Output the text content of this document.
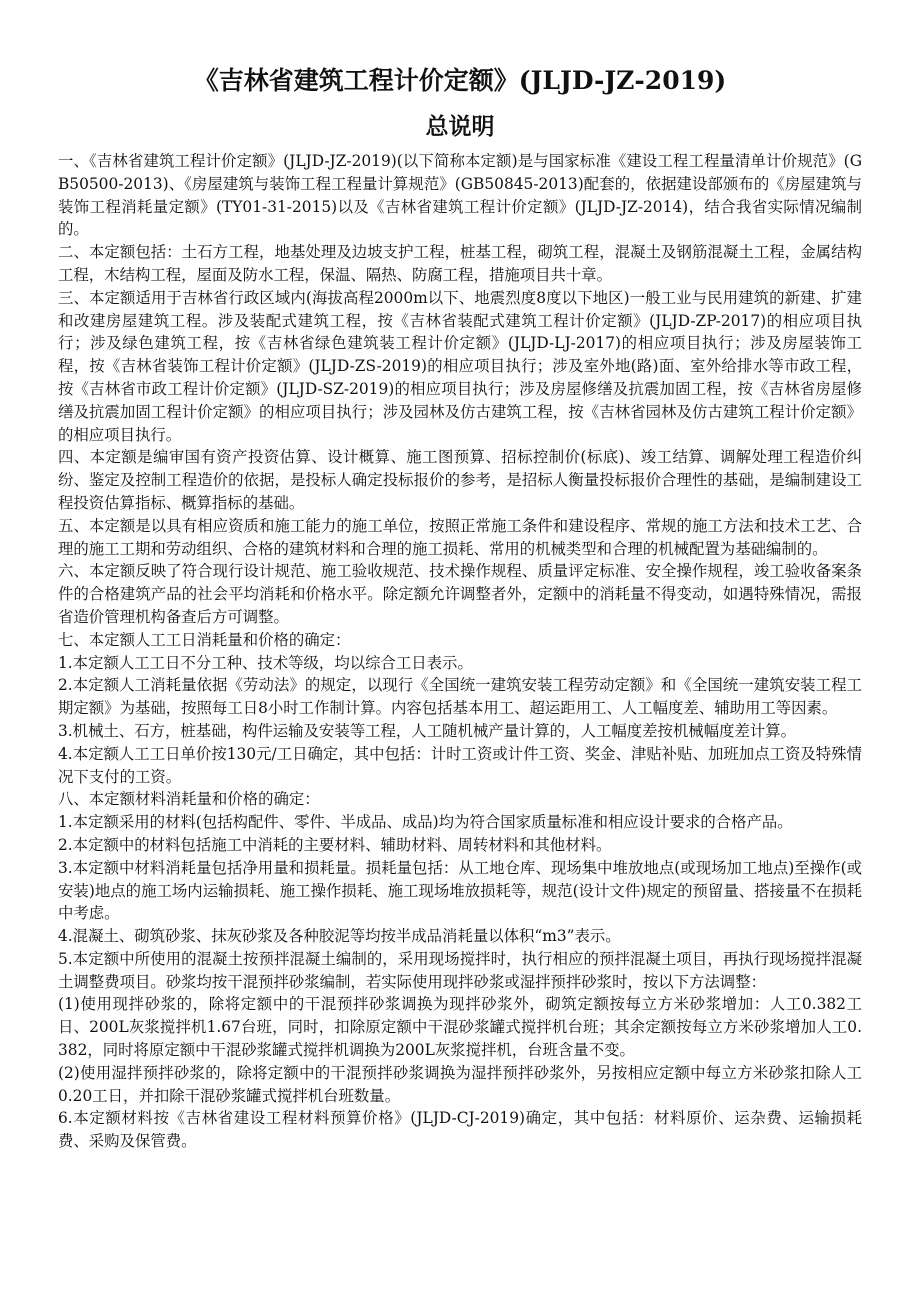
《吉林省建筑工程计价定额》(JLJD-JZ-2019)
总说明

一、《吉林省建筑工程计价定额》(JLJD-JZ-2019)(以下简称本定额)是与国家标准《建设工程工程量清单计价规范》(GB50500-2013)、《房屋建筑与装饰工程工程量计算规范》(GB50845-2013)配套的，依据建设部颁布的《房屋建筑与装饰工程消耗量定额》(TY01-31-2015)以及《吉林省建筑工程计价定额》(JLJD-JZ-2014)，结合我省实际情况编制的。

二、本定额包括：土石方工程，地基处理及边坡支护工程，桩基工程，砌筑工程，混凝土及钢筋混凝土工程，金属结构工程，木结构工程，屋面及防水工程，保温、隔热、防腐工程，措施项目共十章。

三、本定额适用于吉林省行政区域内(海拔高程2000m以下、地震烈度8度以下地区)一般工业与民用建筑的新建、扩建和改建房屋建筑工程。涉及装配式建筑工程，按《吉林省装配式建筑工程计价定额》(JLJD-ZP-2017)的相应项目执行；涉及绿色建筑工程，按《吉林省绿色建筑装工程计价定额》(JLJD-LJ-2017)的相应项目执行；涉及房屋装饰工程，按《吉林省装饰工程计价定额》(JLJD-ZS-2019)的相应项目执行；涉及室外地(路)面、室外给排水等市政工程，按《吉林省市政工程计价定额》(JLJD-SZ-2019)的相应项目执行；涉及房屋修缮及抗震加固工程，按《吉林省房屋修缮及抗震加固工程计价定额》的相应项目执行；涉及园林及仿古建筑工程，按《吉林省园林及仿古建筑工程计价定额》的相应项目执行。

四、本定额是编审国有资产投资估算、设计概算、施工图预算、招标控制价(标底)、竣工结算、调解处理工程造价纠纷、鉴定及控制工程造价的依据，是投标人确定投标报价的参考，是招标人衡量投标报价合理性的基础，是编制建设工程投资估算指标、概算指标的基础。

五、本定额是以具有相应资质和施工能力的施工单位，按照正常施工条件和建设程序、常规的施工方法和技术工艺、合理的施工工期和劳动组织、合格的建筑材料和合理的施工损耗、常用的机械类型和合理的机械配置为基础编制的。

六、本定额反映了符合现行设计规范、施工验收规范、技术操作规程、质量评定标准、安全操作规程，竣工验收备案条件的合格建筑产品的社会平均消耗和价格水平。除定额允许调整者外，定额中的消耗量不得变动，如遇特殊情况，需报省造价管理机构备查后方可调整。

七、本定额人工工日消耗量和价格的确定：

1.本定额人工工日不分工种、技术等级，均以综合工日表示。

2.本定额人工消耗量依据《劳动法》的规定，以现行《全国统一建筑安装工程劳动定额》和《全国统一建筑安装工程工期定额》为基础，按照每工日8小时工作制计算。内容包括基本用工、超运距用工、人工幅度差、辅助用工等因素。

3.机械土、石方，桩基础，构件运输及安装等工程，人工随机械产量计算的，人工幅度差按机械幅度差计算。

4.本定额人工工日单价按130元/工日确定，其中包括：计时工资或计件工资、奖金、津贴补贴、加班加点工资及特殊情况下支付的工资。

八、本定额材料消耗量和价格的确定：

1.本定额采用的材料(包括构配件、零件、半成品、成品)均为符合国家质量标准和相应设计要求的合格产品。

2.本定额中的材料包括施工中消耗的主要材料、辅助材料、周转材料和其他材料。

3.本定额中材料消耗量包括净用量和损耗量。损耗量包括：从工地仓库、现场集中堆放地点(或现场加工地点)至操作(或安装)地点的施工场内运输损耗、施工操作损耗、施工现场堆放损耗等，规范(设计文件)规定的预留量、搭接量不在损耗中考虑。

4.混凝土、砌筑砂浆、抹灰砂浆及各种胶泥等均按半成品消耗量以体积“m3”表示。

5.本定额中所使用的混凝土按预拌混凝土编制的，采用现场搅拌时，执行相应的预拌混凝土项目，再执行现场搅拌混凝土调整费项目。砂浆均按干混预拌砂浆编制，若实际使用现拌砂浆或湿拌预拌砂浆时，按以下方法调整：

(1)使用现拌砂浆的，除将定额中的干混预拌砂浆调换为现拌砂浆外，砌筑定额按每立方米砂浆增加：人工0.382工日、200L灰浆搅拌机1.67台班，同时，扣除原定额中干混砂浆罐式搅拌机台班；其余定额按每立方米砂浆增加人工0.382，同时将原定额中干混砂浆罐式搅拌机调换为200L灰浆搅拌机，台班含量不变。

(2)使用湿拌预拌砂浆的，除将定额中的干混预拌砂浆调换为湿拌预拌砂浆外，另按相应定额中每立方米砂浆扣除人工0.20工日，并扣除干混砂浆罐式搅拌机台班数量。

6.本定额材料按《吉林省建设工程材料预算价格》(JLJD-CJ-2019)确定，其中包括：材料原价、运杂费、运输损耗费、采购及保管费。
